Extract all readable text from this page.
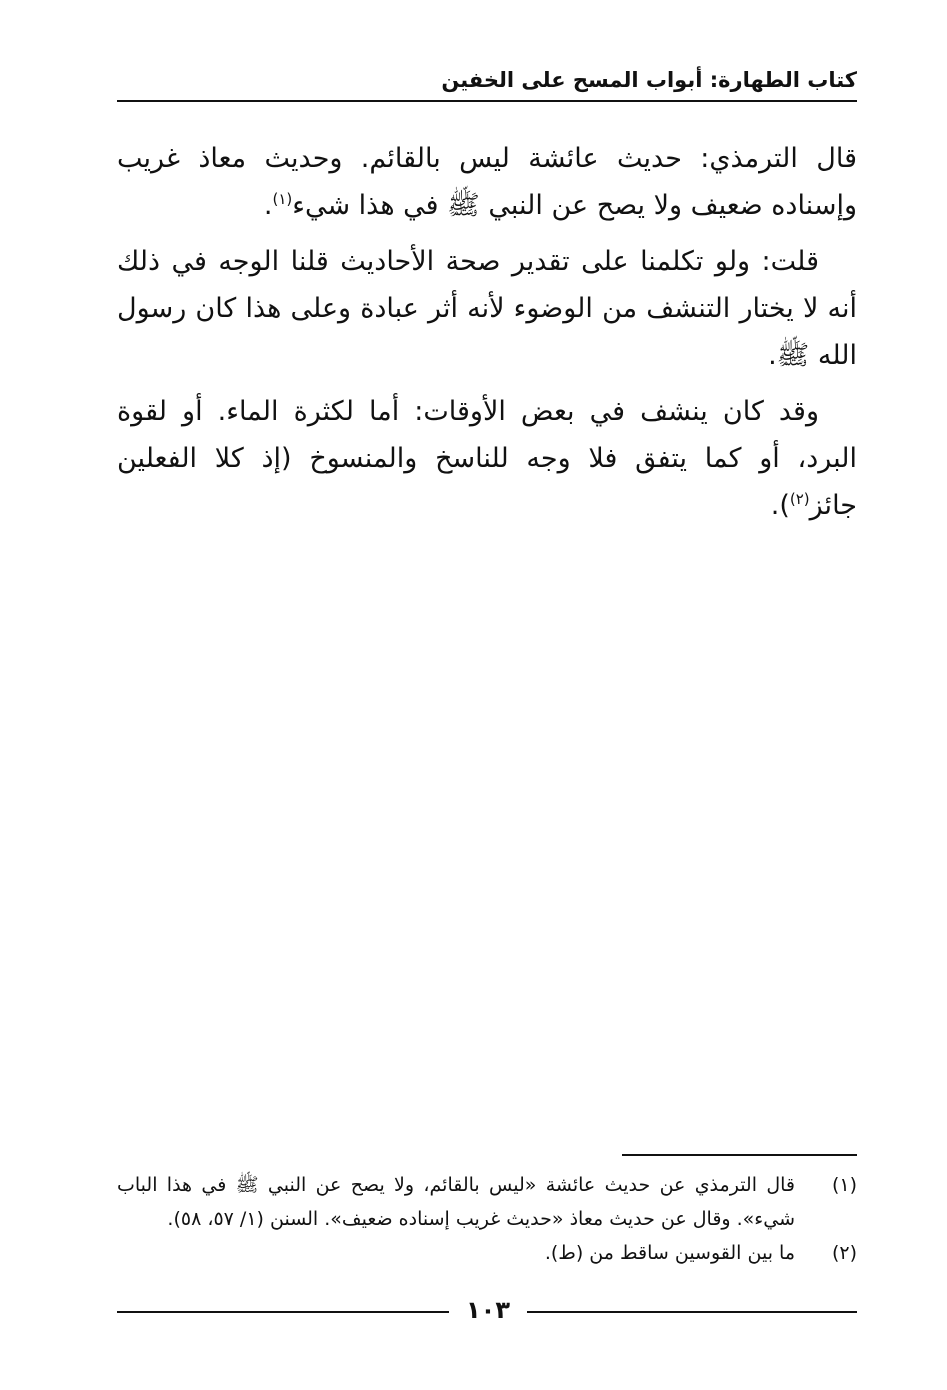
كتاب الطهارة: أبواب المسح على الخفين

قال الترمذي: حديث عائشة ليس بالقائم. وحديث معاذ غريب وإسناده ضعيف ولا يصح عن النبي ﷺ في هذا شيء$^{(١)}$.

قلت: ولو تكلمنا على تقدير صحة الأحاديث قلنا الوجه في ذلك أنه لا يختار التنشف من الوضوء لأنه أثر عبادة وعلى هذا كان رسول الله ﷺ.

وقد كان ينشف في بعض الأوقات: أما لكثرة الماء. أو لقوة البرد، أو كما يتفق فلا وجه للناسخ والمنسوخ (إذ كلا الفعلين جائز$^{(٢)}$).

(١)
قال الترمذي عن حديث عائشة «ليس بالقائم، ولا يصح عن النبي ﷺ في هذا الباب شيء». وقال عن حديث معاذ «حديث غريب إسناده ضعيف». السنن (١/ ٥٧، ٥٨).
(٢)
ما بين القوسين ساقط من (ط).
١٠٣
